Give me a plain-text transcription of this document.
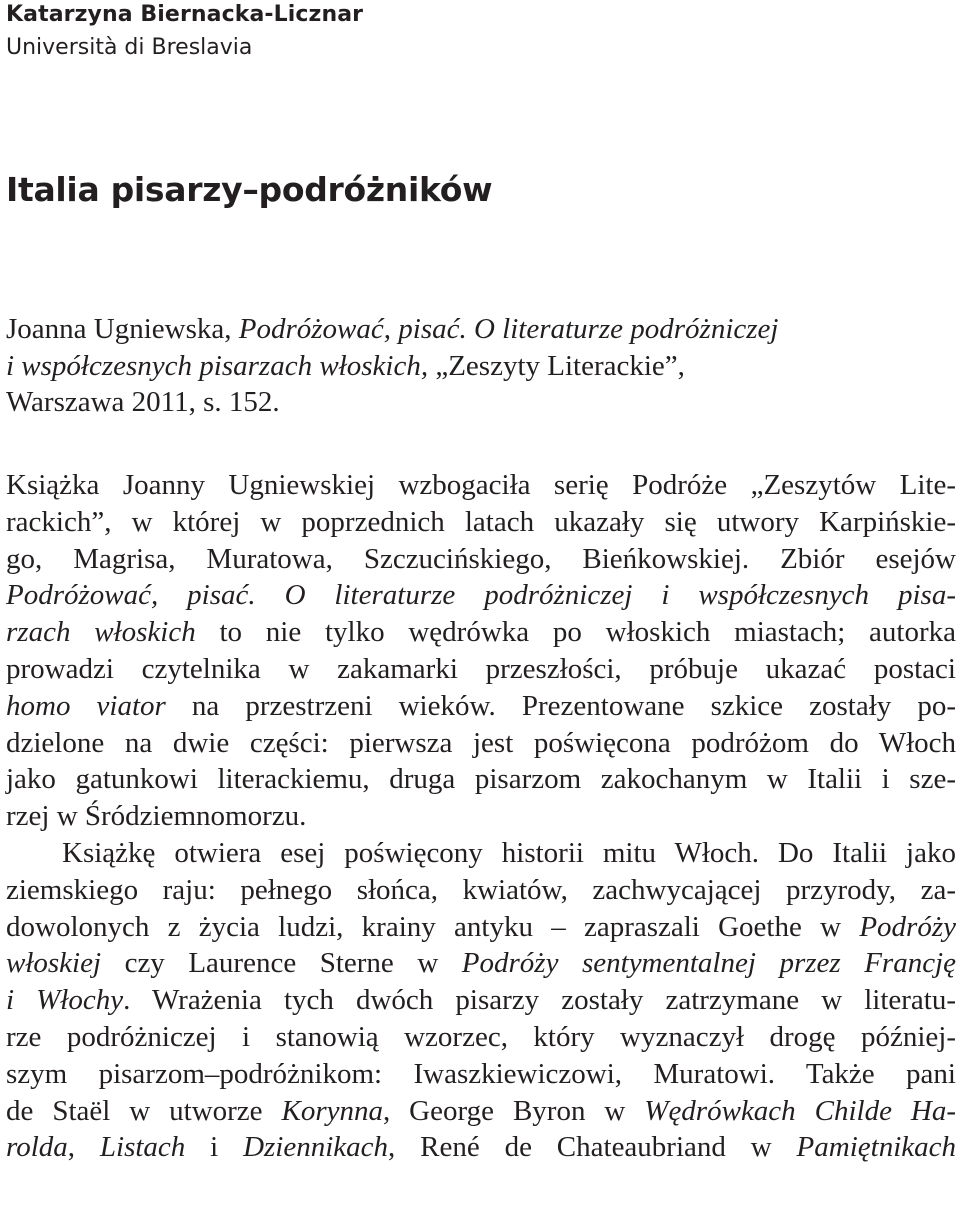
Katarzyna Biernacka-Licznar
Università di Breslavia
Italia pisarzy–podróżników
Joanna Ugniewska, Podróżować, pisać. O literaturze podróżniczej
i współczesnych pisarzach włoskich, „Zeszyty Literackie”,
Warszawa 2011, s. 152.
Książka Joanny Ugniewskiej wzbogaciła serię Podróże „Zeszytów Lite-
rackich”, w której w poprzednich latach ukazały się utwory Karpińskie-
go, Magrisa, Muratowa, Szczucińskiego, Bieńkowskiej. Zbiór esejów
Podróżować, pisać. O literaturze podróżniczej i współczesnych pisa-
rzach włoskich to nie tylko wędrówka po włoskich miastach; autorka
prowadzi czytelnika w zakamarki przeszłości, próbuje ukazać postaci
homo viator na przestrzeni wieków. Prezentowane szkice zostały po-
dzielone na dwie części: pierwsza jest poświęcona podróżom do Włoch
jako gatunkowi literackiemu, druga pisarzom zakochanym w Italii i sze-
rzej w Śródziemnomorzu.
Książkę otwiera esej poświęcony historii mitu Włoch. Do Italii jako
ziemskiego raju: pełnego słońca, kwiatów, zachwycającej przyrody, za-
dowolonych z życia ludzi, krainy antyku – zapraszali Goethe w Podróży
włoskiej czy Laurence Sterne w Podróży sentymentalnej przez Francję
i Włochy. Wrażenia tych dwóch pisarzy zostały zatrzymane w literatu-
rze podróżniczej i stanowią wzorzec, który wyznaczył drogę później-
szym pisarzom–podróżnikom: Iwaszkiewiczowi, Muratowi. Także pani
de Staël w utworze Korynna, George Byron w Wędrówkach Childe Ha-
rolda, Listach i Dziennikach, René de Chateaubriand w Pamiętnikach
